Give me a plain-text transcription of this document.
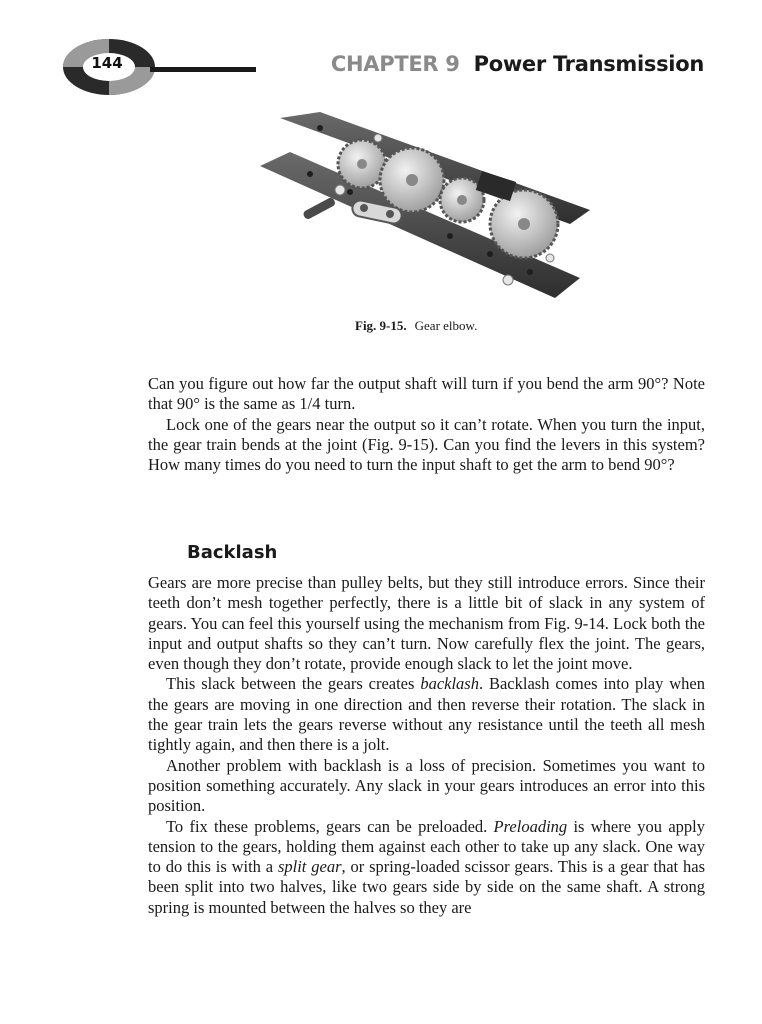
144	CHAPTER 9 Power Transmission
Fig. 9-15. Gear elbow.

Can you figure out how far the output shaft will turn if you bend the arm 90°? Note that 90° is the same as 1/4 turn.

Lock one of the gears near the output so it can’t rotate. When you turn the input, the gear train bends at the joint (Fig. 9-15). Can you find the levers in this system? How many times do you need to turn the input shaft to get the arm to bend 90°?

Backlash

Gears are more precise than pulley belts, but they still introduce errors. Since their teeth don’t mesh together perfectly, there is a little bit of slack in any system of gears. You can feel this yourself using the mechanism from Fig. 9-14. Lock both the input and output shafts so they can’t turn. Now carefully flex the joint. The gears, even though they don’t rotate, provide enough slack to let the joint move.

This slack between the gears creates backlash. Backlash comes into play when the gears are moving in one direction and then reverse their rotation. The slack in the gear train lets the gears reverse without any resistance until the teeth all mesh tightly again, and then there is a jolt.

Another problem with backlash is a loss of precision. Sometimes you want to position something accurately. Any slack in your gears introduces an error into this position.

To fix these problems, gears can be preloaded. Preloading is where you apply tension to the gears, holding them against each other to take up any slack. One way to do this is with a split gear, or spring-loaded scissor gears. This is a gear that has been split into two halves, like two gears side by side on the same shaft. A strong spring is mounted between the halves so they are
